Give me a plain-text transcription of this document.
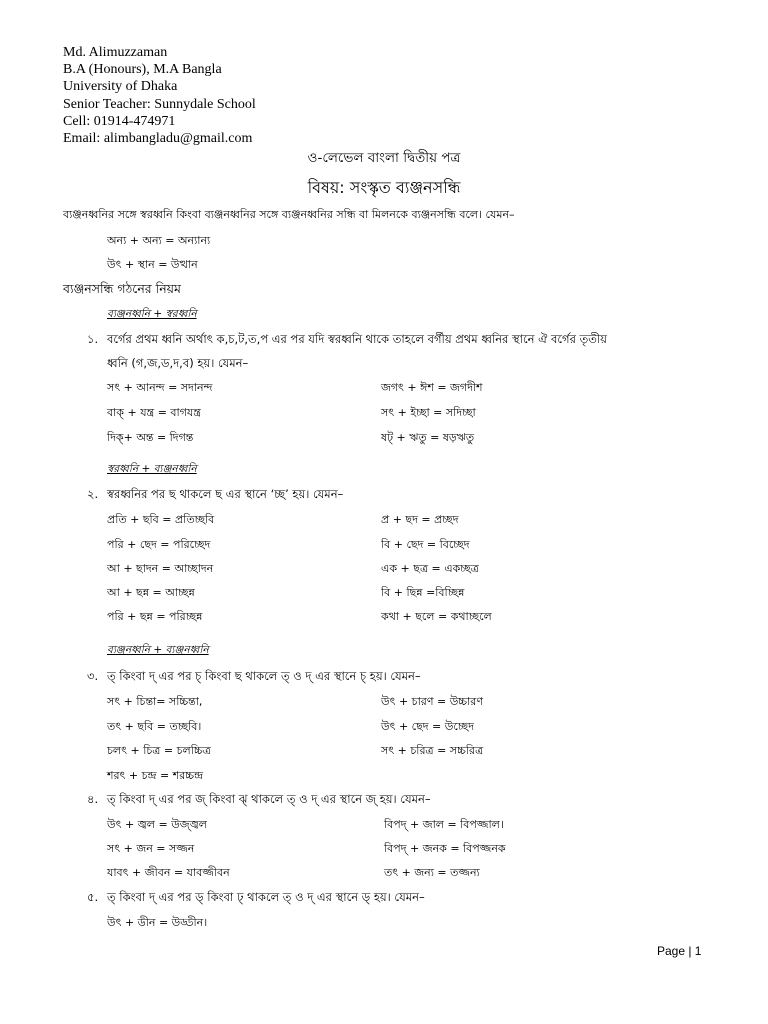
Md. Alimuzzaman
B.A (Honours), M.A Bangla
University of Dhaka
Senior Teacher: Sunnydale School
Cell: 01914-474971
Email: alimbangladu@gmail.com
ও-লেভেল বাংলা দ্বিতীয় পত্র
বিষয়: সংস্কৃত ব্যঞ্জনসন্ধি
ব্যঞ্জনধ্বনির সঙ্গে স্বরধ্বনি কিংবা ব্যঞ্জনধ্বনির সঙ্গে ব্যঞ্জনধ্বনির সন্ধি বা মিলনকে ব্যঞ্জনসন্ধি বলে। যেমন–
অন্য + অন্য = অন্যান্য
উৎ + স্থান = উত্থান
ব্যঞ্জনসন্ধি গঠনের নিয়ম
ব্যঞ্জনধ্বনি + স্বরধ্বনি
১. বর্গের প্রথম ধ্বনি অর্থাৎ ক,চ,ট,ত,প এর পর যদি স্বরধ্বনি থাকে তাহলে বর্গীয় প্রথম ধ্বনির স্থানে ঐ বর্গের তৃতীয়
ধ্বনি (গ,জ,ড,দ,ব) হয়। যেমন–
সৎ + আনন্দ = সদানন্দ	জগৎ + ঈশ = জগদীশ
বাক্ + যন্ত্র = বাগযন্ত্র	সৎ + ইচ্ছা = সদিচ্ছা
দিক্+ অন্ত = দিগন্ত	ষট্ + ঋতু = ষড়ঋতু
স্বরধ্বনি + ব্যঞ্জনধ্বনি
২. স্বরধ্বনির পর ছ থাকলে ছ এর স্থানে ‘চ্ছ’ হয়। যেমন–
প্রতি + ছবি = প্রতিচ্ছবি	প্র + ছদ = প্রচ্ছদ
পরি + ছেদ = পরিচ্ছেদ	বি + ছেদ = বিচ্ছেদ
আ + ছাদন = আচ্ছাদন	এক + ছত্র = একচ্ছত্র
আ + ছন্ন = আচ্ছন্ন	বি + ছিন্ন =বিচ্ছিন্ন
পরি + ছন্ন = পরিচ্ছন্ন	কথা + ছলে = কথাচ্ছলে
ব্যঞ্জনধ্বনি + ব্যঞ্জনধ্বনি
৩. ত্ কিংবা দ্ এর পর চ্ কিংবা ছ থাকলে ত্ ও দ্ এর স্থানে চ্ হয়। যেমন–
সৎ + চিন্তা= সচ্চিন্তা,	উৎ + চারণ = উচ্চারণ
তৎ + ছবি = তচ্ছবি।	উৎ + ছেদ = উচ্ছেদ
চলৎ + চিত্র = চলচ্চিত্র	সৎ + চরিত্র = সচ্চরিত্র
শরৎ + চন্দ্র = শরচ্চন্দ্র
৪. ত্ কিংবা দ্ এর পর জ্ কিংবা ঝ্ থাকলে ত্ ও দ্ এর স্থানে জ্ হয়। যেমন–
উৎ + জ্বল = উজ্জ্বল	বিপদ্ + জাল = বিপজ্জাল।
সৎ + জন = সজ্জন	বিপদ্ + জনক = বিপজ্জনক
যাবৎ + জীবন = যাবজ্জীবন	তৎ + জন্য = তজ্জন্য
৫. ত্ কিংবা দ্ এর পর ড্ কিংবা ঢ্ থাকলে ত্ ও দ্ এর স্থানে ড্ হয়। যেমন–
উৎ + ডীন = উড্ডীন।
Page | 1
